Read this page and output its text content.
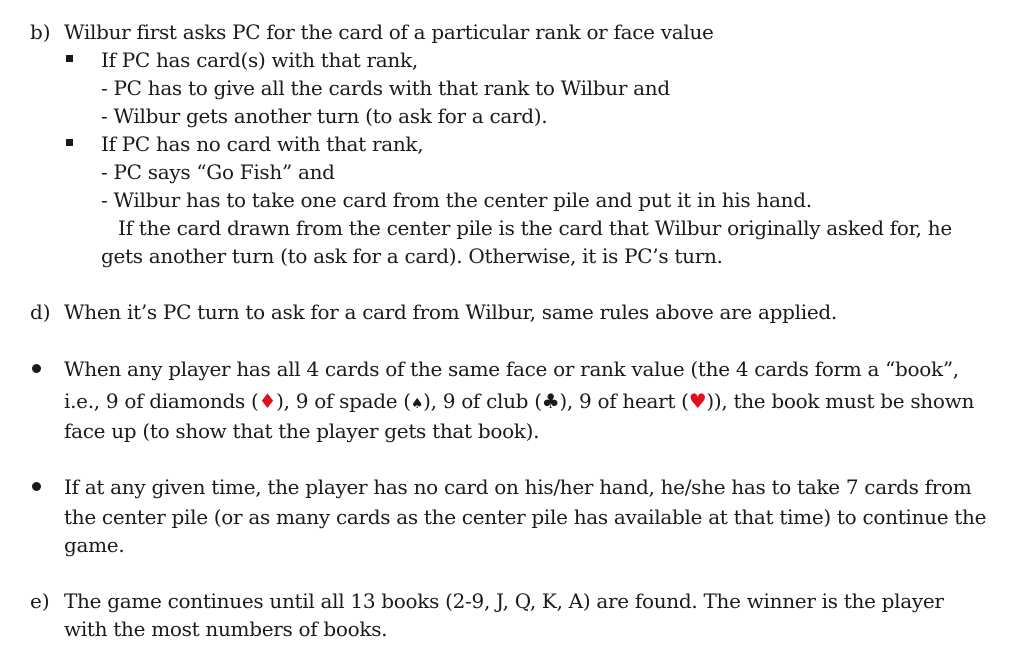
b) Wilbur first asks PC for the card of a particular rank or face value
If PC has card(s) with that rank,
- PC has to give all the cards with that rank to Wilbur and
- Wilbur gets another turn (to ask for a card).
If PC has no card with that rank,
- PC says “Go Fish” and
- Wilbur has to take one card from the center pile and put it in his hand.
If the card drawn from the center pile is the card that Wilbur originally asked for, he
gets another turn (to ask for a card). Otherwise, it is PC’s turn.
d) When it’s PC turn to ask for a card from Wilbur, same rules above are applied.
When any player has all 4 cards of the same face or rank value (the 4 cards form a “book”,
i.e., 9 of diamonds (♦), 9 of spade (♠), 9 of club (♣), 9 of heart (♥)), the book must be shown
face up (to show that the player gets that book).
If at any given time, the player has no card on his/her hand, he/she has to take 7 cards from
the center pile (or as many cards as the center pile has available at that time) to continue the
game.
e) The game continues until all 13 books (2-9, J, Q, K, A) are found. The winner is the player
with the most numbers of books.
